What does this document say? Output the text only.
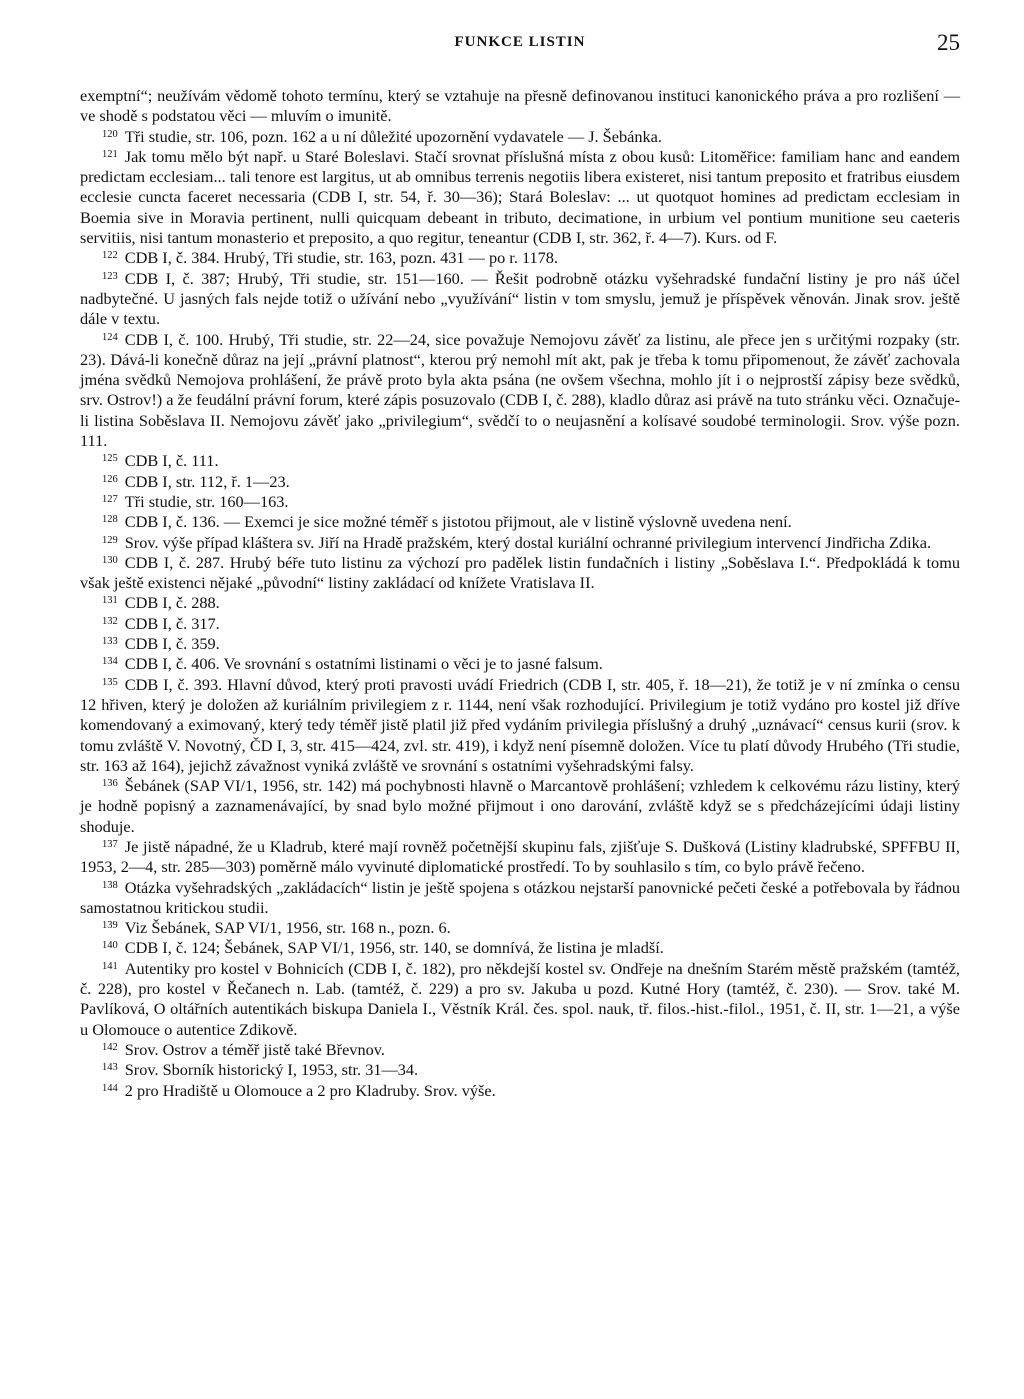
FUNKCE LISTIN	25

exemptní“; neužívám vědomě tohoto termínu, který se vztahuje na přesně definovanou instituci kanonického práva a pro rozlišení — ve shodě s podstatou věci — mluvím o imunitě.

$^{120}$ Tři studie, str. 106, pozn. 162 a u ní důležité upozornění vydavatele — J. Šebánka.

$^{121}$ Jak tomu mělo být např. u Staré Boleslavi. Stačí srovnat příslušná místa z obou kusů: Litoměřice: familiam hanc and eandem predictam ecclesiam... tali tenore est largitus, ut ab omnibus terrenis negotiis libera existeret, nisi tantum preposito et fratribus eiusdem ecclesie cuncta faceret necessaria (CDB I, str. 54, ř. 30—36); Stará Boleslav: ... ut quotquot homines ad predictam ecclesiam in Boemia sive in Moravia pertinent, nulli quicquam debeant in tributo, decimatione, in urbium vel pontium munitione seu caeteris servitiis, nisi tantum monasterio et preposito, a quo regitur, teneantur (CDB I, str. 362, ř. 4—7). Kurs. od F.

$^{122}$ CDB I, č. 384. Hrubý, Tři studie, str. 163, pozn. 431 — po r. 1178.

$^{123}$ CDB I, č. 387; Hrubý, Tři studie, str. 151—160. — Řešit podrobně otázku vyšehradské fundační listiny je pro náš účel nadbytečné. U jasných fals nejde totiž o užívání nebo „využívání“ listin v tom smyslu, jemuž je příspěvek věnován. Jinak srov. ještě dále v textu.

$^{124}$ CDB I, č. 100. Hrubý, Tři studie, str. 22—24, sice považuje Nemojovu závěť za listinu, ale přece jen s určitými rozpaky (str. 23). Dává-li konečně důraz na její „právní platnost“, kterou prý nemohl mít akt, pak je třeba k tomu připomenout, že závěť zachovala jména svědků Nemojova prohlášení, že právě proto byla akta psána (ne ovšem všechna, mohlo jít i o nejprostší zápisy beze svědků, srv. Ostrov!) a že feudální právní forum, které zápis posuzovalo (CDB I, č. 288), kladlo důraz asi právě na tuto stránku věci. Označuje-li listina Soběslava II. Nemojovu závěť jako „privilegium“, svědčí to o neujasnění a kolísavé soudobé terminologii. Srov. výše pozn. 111.

$^{125}$ CDB I, č. 111.

$^{126}$ CDB I, str. 112, ř. 1—23.

$^{127}$ Tři studie, str. 160—163.

$^{128}$ CDB I, č. 136. — Exemci je sice možné téměř s jistotou přijmout, ale v listině výslovně uvedena není.

$^{129}$ Srov. výše případ kláštera sv. Jiří na Hradě pražském, který dostal kuriální ochranné privilegium intervencí Jindřicha Zdika.

$^{130}$ CDB I, č. 287. Hrubý béře tuto listinu za výchozí pro padělek listin fundačních i listiny „Soběslava I.“. Předpokládá k tomu však ještě existenci nějaké „původní“ listiny zakládací od knížete Vratislava II.

$^{131}$ CDB I, č. 288.

$^{132}$ CDB I, č. 317.

$^{133}$ CDB I, č. 359.

$^{134}$ CDB I, č. 406. Ve srovnání s ostatními listinami o věci je to jasné falsum.

$^{135}$ CDB I, č. 393. Hlavní důvod, který proti pravosti uvádí Friedrich (CDB I, str. 405, ř. 18—21), že totiž je v ní zmínka o censu 12 hřiven, který je doložen až kuriálním privilegiem z r. 1144, není však rozhodující. Privilegium je totiž vydáno pro kostel již dříve komendovaný a eximovaný, který tedy téměř jistě platil již před vydáním privilegia příslušný a druhý „uznávací“ census kurii (srov. k tomu zvláště V. Novotný, ČD I, 3, str. 415—424, zvl. str. 419), i když není písemně doložen. Více tu platí důvody Hrubého (Tři studie, str. 163 až 164), jejichž závažnost vyniká zvláště ve srovnání s ostatními vyšehradskými falsy.

$^{136}$ Šebánek (SAP VI/1, 1956, str. 142) má pochybnosti hlavně o Marcantově prohlášení; vzhledem k celkovému rázu listiny, který je hodně popisný a zaznamenávající, by snad bylo možné přijmout i ono darování, zvláště když se s předcházejícími údaji listiny shoduje.

$^{137}$ Je jistě nápadné, že u Kladrub, které mají rovněž početnější skupinu fals, zjišťuje S. Dušková (Listiny kladrubské, SPFFBU II, 1953, 2—4, str. 285—303) poměrně málo vyvinuté diplomatické prostředí. To by souhlasilo s tím, co bylo právě řečeno.

$^{138}$ Otázka vyšehradských „zakládacích“ listin je ještě spojena s otázkou nejstarší panovnické pečeti české a potřebovala by řádnou samostatnou kritickou studii.

$^{139}$ Viz Šebánek, SAP VI/1, 1956, str. 168 n., pozn. 6.

$^{140}$ CDB I, č. 124; Šebánek, SAP VI/1, 1956, str. 140, se domnívá, že listina je mladší.

$^{141}$ Autentiky pro kostel v Bohnicích (CDB I, č. 182), pro někdejší kostel sv. Ondřeje na dnešním Starém městě pražském (tamtéž, č. 228), pro kostel v Řečanech n. Lab. (tamtéž, č. 229) a pro sv. Jakuba u pozd. Kutné Hory (tamtéž, č. 230). — Srov. také M. Pavlíková, O oltářních autentikách biskupa Daniela I., Věstník Král. čes. spol. nauk, tř. filos.-hist.-filol., 1951, č. II, str. 1—21, a výše u Olomouce o autentice Zdikově.

$^{142}$ Srov. Ostrov a téměř jistě také Břevnov.

$^{143}$ Srov. Sborník historický I, 1953, str. 31—34.

$^{144}$ 2 pro Hradiště u Olomouce a 2 pro Kladruby. Srov. výše.
